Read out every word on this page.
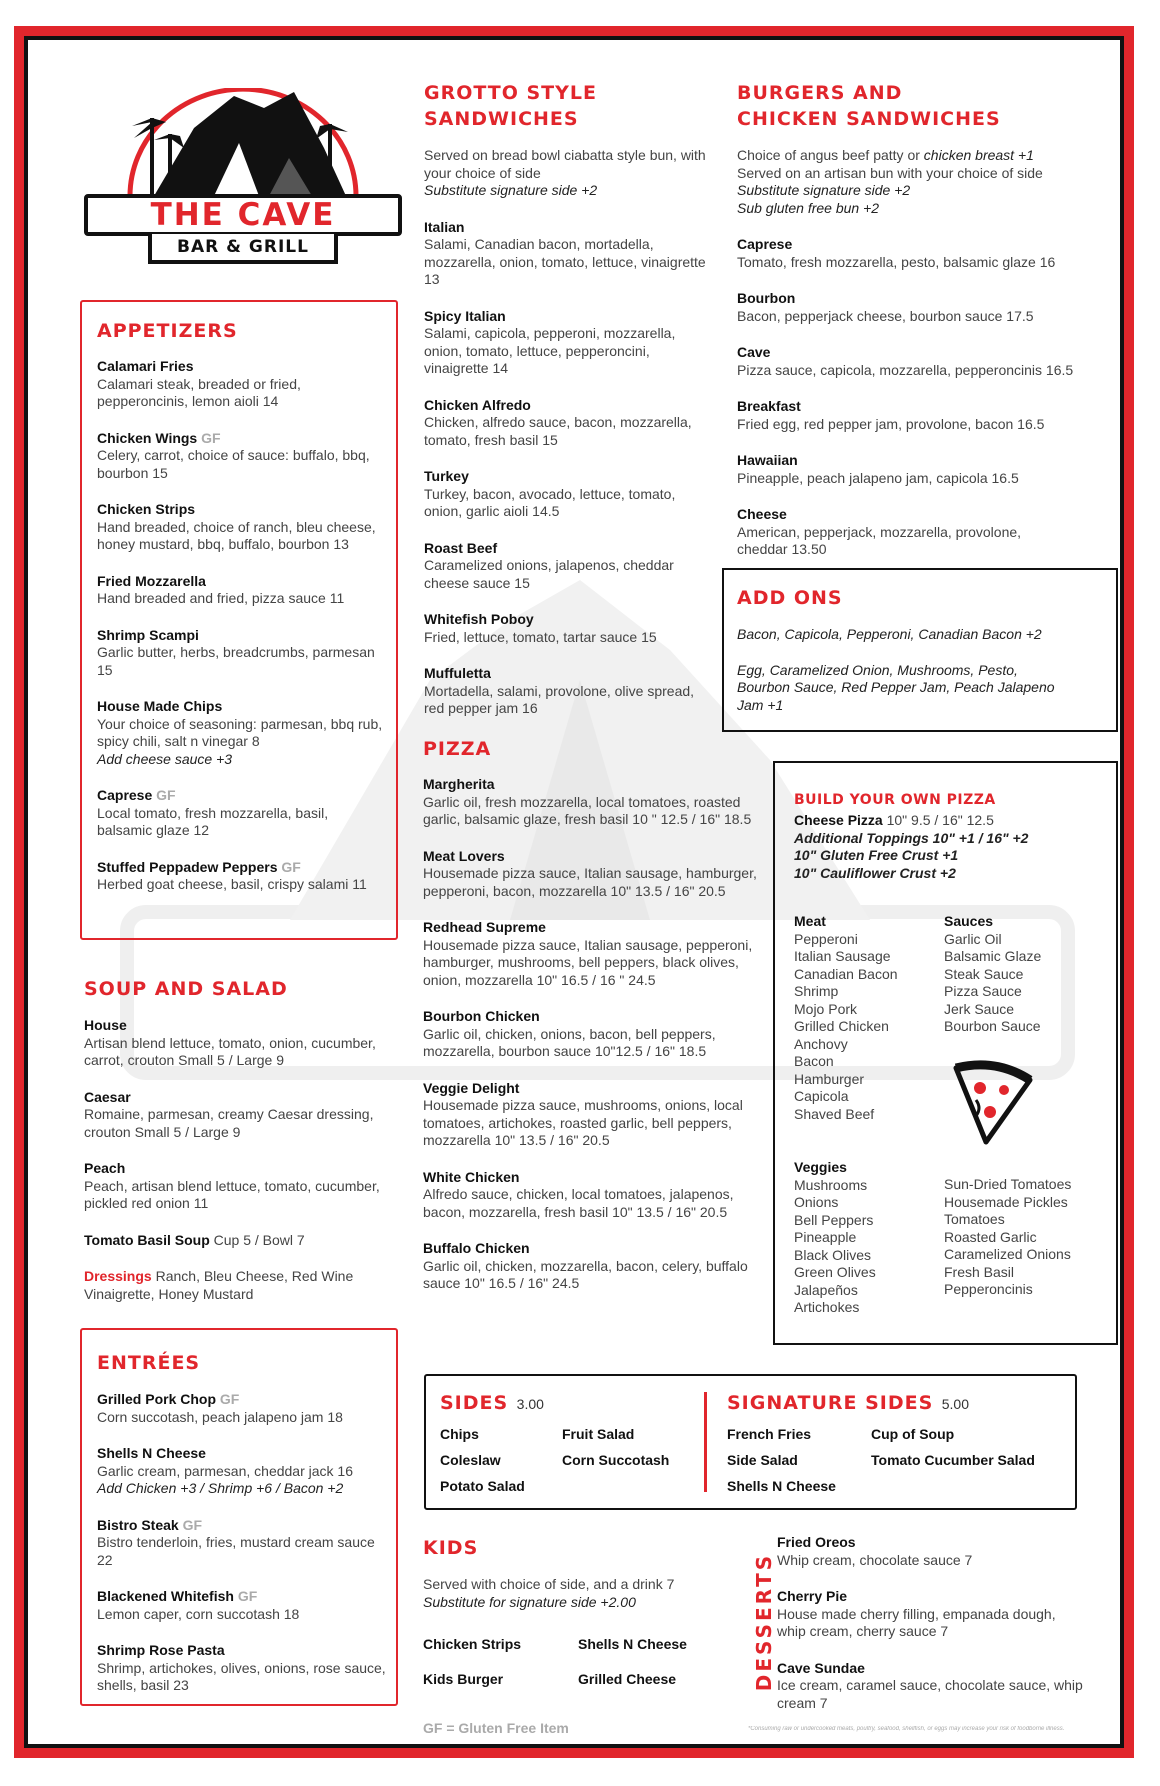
THE CAVE
BAR & GRILL
APPETIZERS
Calamari Fries
Calamari steak, breaded or fried, pepperoncinis, lemon aioli 14
Chicken Wings GF
Celery, carrot, choice of sauce: buffalo, bbq, bourbon 15
Chicken Strips
Hand breaded, choice of ranch, bleu cheese, honey mustard, bbq, buffalo, bourbon 13
Fried Mozzarella
Hand breaded and fried, pizza sauce 11
Shrimp Scampi
Garlic butter, herbs, breadcrumbs, parmesan 15
House Made Chips
Your choice of seasoning: parmesan, bbq rub, spicy chili, salt n vinegar 8
Add cheese sauce +3
Caprese GF
Local tomato, fresh mozzarella, basil, balsamic glaze 12
Stuffed Peppadew Peppers GF
Herbed goat cheese, basil, crispy salami 11
SOUP AND SALAD
House
Artisan blend lettuce, tomato, onion, cucumber, carrot, crouton Small 5 / Large 9
Caesar
Romaine, parmesan, creamy Caesar dressing, crouton Small 5 / Large 9
Peach
Peach, artisan blend lettuce, tomato, cucumber, pickled red onion 11
Tomato Basil Soup Cup 5 / Bowl 7
Dressings Ranch, Bleu Cheese, Red Wine Vinaigrette, Honey Mustard
ENTRÉES
Grilled Pork Chop GF
Corn succotash, peach jalapeno jam 18
Shells N Cheese
Garlic cream, parmesan, cheddar jack 16
Add Chicken +3 / Shrimp +6 / Bacon +2
Bistro Steak GF
Bistro tenderloin, fries, mustard cream sauce 22
Blackened Whitefish GF
Lemon caper, corn succotash 18
Shrimp Rose Pasta
Shrimp, artichokes, olives, onions, rose sauce, shells, basil 23
GROTTO STYLE
SANDWICHES
Served on bread bowl ciabatta style bun, with your choice of side
Substitute signature side +2
Italian
Salami, Canadian bacon, mortadella, mozzarella, onion, tomato, lettuce, vinaigrette 13
Spicy Italian
Salami, capicola, pepperoni, mozzarella, onion, tomato, lettuce, pepperoncini, vinaigrette 14
Chicken Alfredo
Chicken, alfredo sauce, bacon, mozzarella, tomato, fresh basil 15
Turkey
Turkey, bacon, avocado, lettuce, tomato, onion, garlic aioli 14.5
Roast Beef
Caramelized onions, jalapenos, cheddar cheese sauce 15
Whitefish Poboy
Fried, lettuce, tomato, tartar sauce 15
Muffuletta
Mortadella, salami, provolone, olive spread, red pepper jam 16
PIZZA
Margherita
Garlic oil, fresh mozzarella, local tomatoes, roasted garlic, balsamic glaze, fresh basil 10 " 12.5 / 16" 18.5
Meat Lovers
Housemade pizza sauce, Italian sausage, hamburger, pepperoni, bacon, mozzarella 10" 13.5 / 16" 20.5
Redhead Supreme
Housemade pizza sauce, Italian sausage, pepperoni, hamburger, mushrooms, bell peppers, black olives, onion, mozzarella 10" 16.5 / 16 " 24.5
Bourbon Chicken
Garlic oil, chicken, onions, bacon, bell peppers, mozzarella, bourbon sauce 10"12.5 / 16" 18.5
Veggie Delight
Housemade pizza sauce, mushrooms, onions, local tomatoes, artichokes, roasted garlic, bell peppers, mozzarella 10" 13.5 / 16" 20.5
White Chicken
Alfredo sauce, chicken, local tomatoes, jalapenos, bacon, mozzarella, fresh basil 10" 13.5 / 16" 20.5
Buffalo Chicken
Garlic oil, chicken, mozzarella, bacon, celery, buffalo sauce 10" 16.5 / 16" 24.5
BURGERS AND
CHICKEN SANDWICHES
Choice of angus beef patty or chicken breast +1
Served on an artisan bun with your choice of side
Substitute signature side +2
Sub gluten free bun +2
Caprese
Tomato, fresh mozzarella, pesto, balsamic glaze 16
Bourbon
Bacon, pepperjack cheese, bourbon sauce 17.5
Cave
Pizza sauce, capicola, mozzarella, pepperoncinis 16.5
Breakfast
Fried egg, red pepper jam, provolone, bacon 16.5
Hawaiian
Pineapple, peach jalapeno jam, capicola 16.5
Cheese
American, pepperjack, mozzarella, provolone, cheddar 13.50
ADD ONS
Bacon, Capicola, Pepperoni, Canadian Bacon +2
Egg, Caramelized Onion, Mushrooms, Pesto, Bourbon Sauce, Red Pepper Jam, Peach Jalapeno Jam +1
BUILD YOUR OWN PIZZA
Cheese Pizza 10" 9.5 / 16" 12.5
Additional Toppings 10" +1 / 16" +2
10" Gluten Free Crust +1
10" Cauliflower Crust +2
Meat
Pepperoni
Italian Sausage
Canadian Bacon
Shrimp
Mojo Pork
Grilled Chicken
Anchovy
Bacon
Hamburger
Capicola
Shaved Beef
Sauces
Garlic Oil
Balsamic Glaze
Steak Sauce
Pizza Sauce
Jerk Sauce
Bourbon Sauce
Veggies
Mushrooms
Onions
Bell Peppers
Pineapple
Black Olives
Green Olives
Jalapeños
Artichokes
Sun-Dried Tomatoes
Housemade Pickles
Tomatoes
Roasted Garlic
Caramelized Onions
Fresh Basil
Pepperoncinis
SIDES 3.00
Chips
Coleslaw
Potato Salad
Fruit Salad
Corn Succotash
SIGNATURE SIDES 5.00
French Fries
Side Salad
Shells N Cheese
Cup of Soup
Tomato Cucumber Salad
KIDS
Served with choice of side, and a drink 7
Substitute for signature side +2.00
Chicken Strips
Kids Burger
Shells N Cheese
Grilled Cheese	DESSERTS
Fried Oreos
Whip cream, chocolate sauce 7
Cherry Pie
House made cherry filling, empanada dough, whip cream, cherry sauce 7
Cave Sundae
Ice cream, caramel sauce, chocolate sauce, whip cream 7
GF = Gluten Free Item	*Consuming raw or undercooked meats, poultry, seafood, shellfish, or eggs may increase your risk of foodborne illness.
